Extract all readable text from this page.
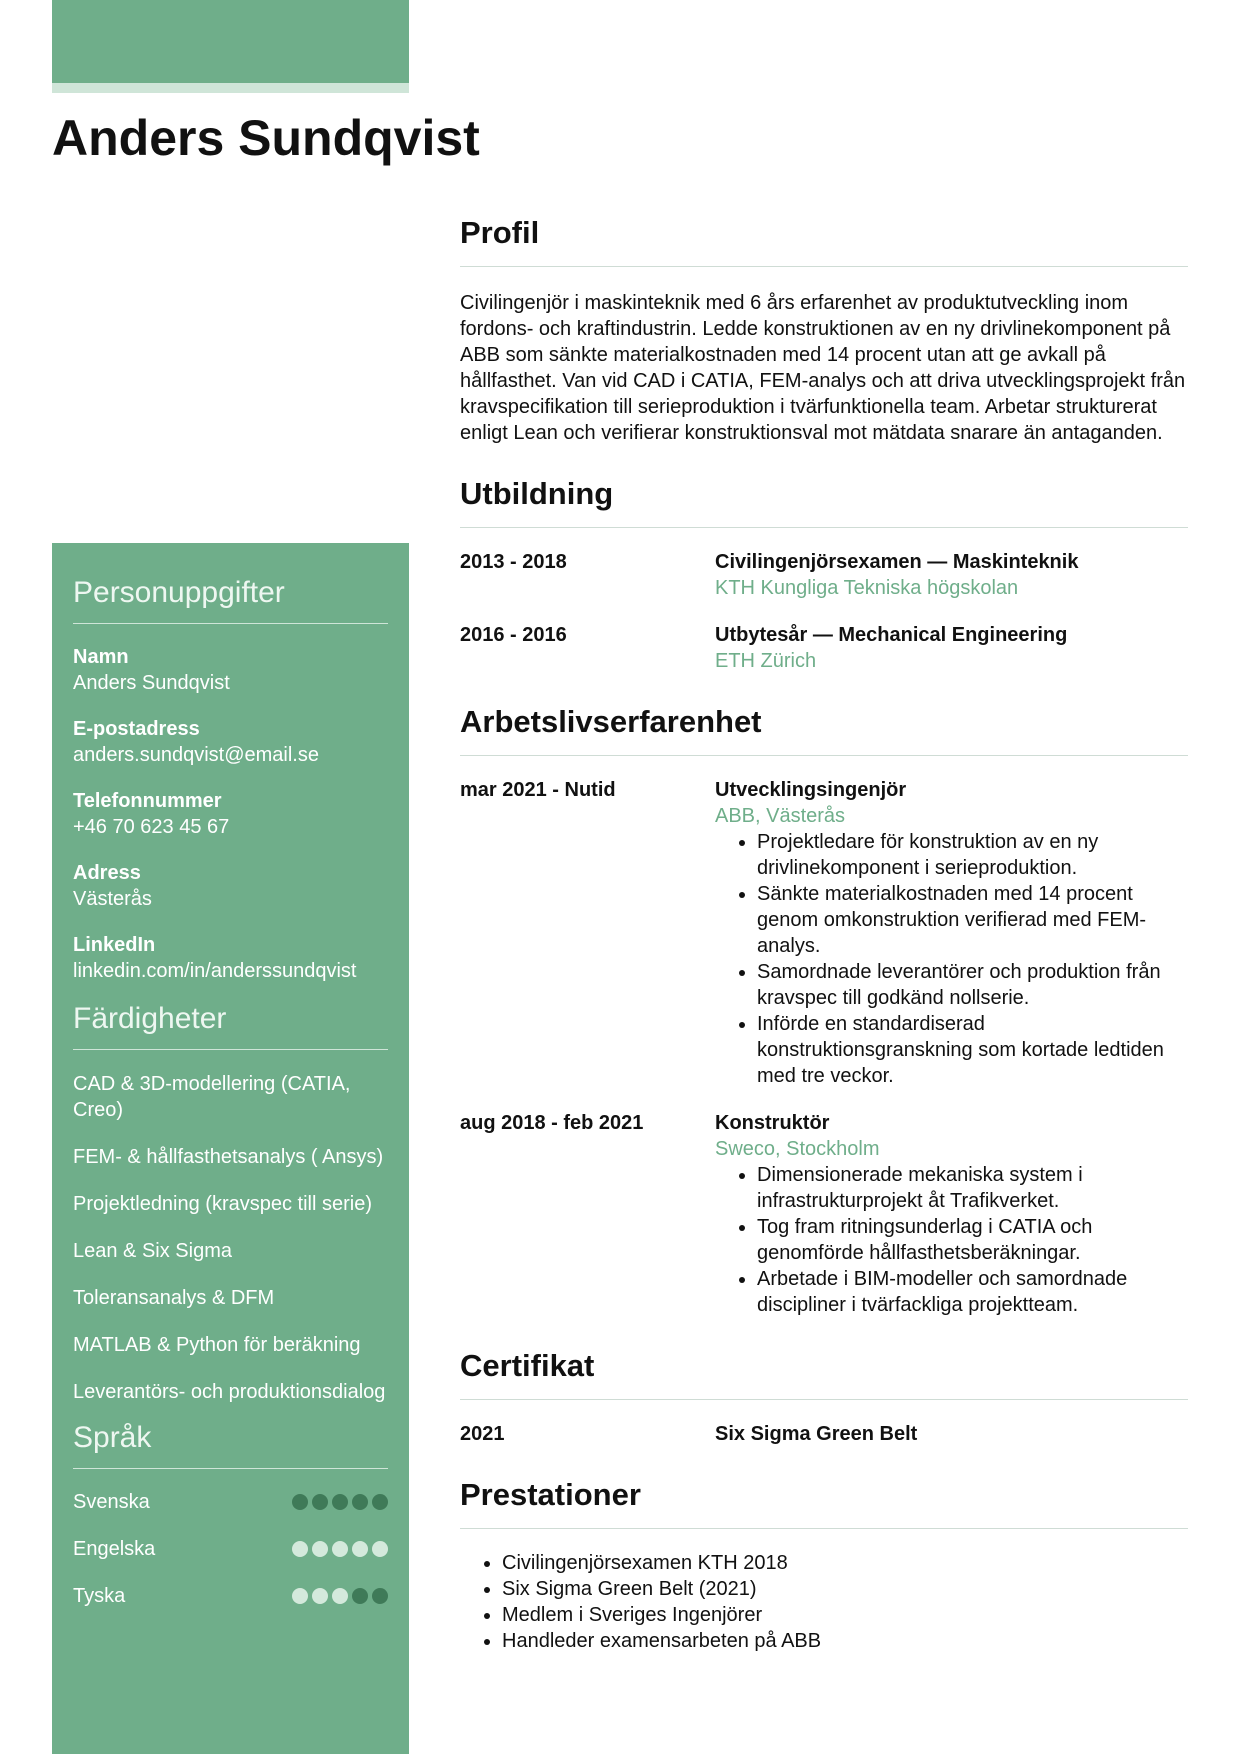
Anders Sundqvist
Personuppgifter
Namn
Anders Sundqvist
E-postadress
anders.sundqvist@email.se
Telefonnummer
+46 70 623 45 67
Adress
Västerås
LinkedIn
linkedin.com/in/anderssundqvist
Färdigheter
CAD & 3D-modellering (CATIA, Creo)
FEM- & hållfasthetsanalys ( Ansys)
Projektledning (kravspec till serie)
Lean & Six Sigma
Toleransanalys & DFM
MATLAB & Python för beräkning
Leverantörs- och produktionsdialog
Språk
Svenska
Engelska
Tyska
Profil

Civilingenjör i maskinteknik med 6 års erfarenhet av produktutveckling inom fordons- och kraftindustrin. Ledde konstruktionen av en ny drivlinekomponent på ABB som sänkte materialkostnaden med 14 procent utan att ge avkall på hållfasthet. Van vid CAD i CATIA, FEM-analys och att driva utvecklingsprojekt från kravspecifikation till serieproduktion i tvärfunktionella team. Arbetar strukturerat enligt Lean och verifierar konstruktionsval mot mätdata snarare än antaganden.

Utbildning
2013 - 2018	Civilingenjörsexamen — Maskinteknik
KTH Kungliga Tekniska högskolan
2016 - 2016	Utbytesår — Mechanical Engineering
ETH Zürich
Arbetslivserfarenhet
mar 2021 - Nutid	Utvecklingsingenjör
ABB, Västerås
• Projektledare för konstruktion av en ny drivlinekomponent i serieproduktion.
• Sänkte materialkostnaden med 14 procent genom omkonstruktion verifierad med FEM-analys.
• Samordnade leverantörer och produktion från kravspec till godkänd nollserie.
• Införde en standardiserad konstruktionsgranskning som kortade ledtiden med tre veckor.
aug 2018 - feb 2021	Konstruktör
Sweco, Stockholm
• Dimensionerade mekaniska system i infrastrukturprojekt åt Trafikverket.
• Tog fram ritningsunderlag i CATIA och genomförde hållfasthetsberäkningar.
• Arbetade i BIM-modeller och samordnade discipliner i tvärfackliga projektteam.
Certifikat
2021	Six Sigma Green Belt
Prestationer
• Civilingenjörsexamen KTH 2018
• Six Sigma Green Belt (2021)
• Medlem i Sveriges Ingenjörer
• Handleder examensarbeten på ABB
